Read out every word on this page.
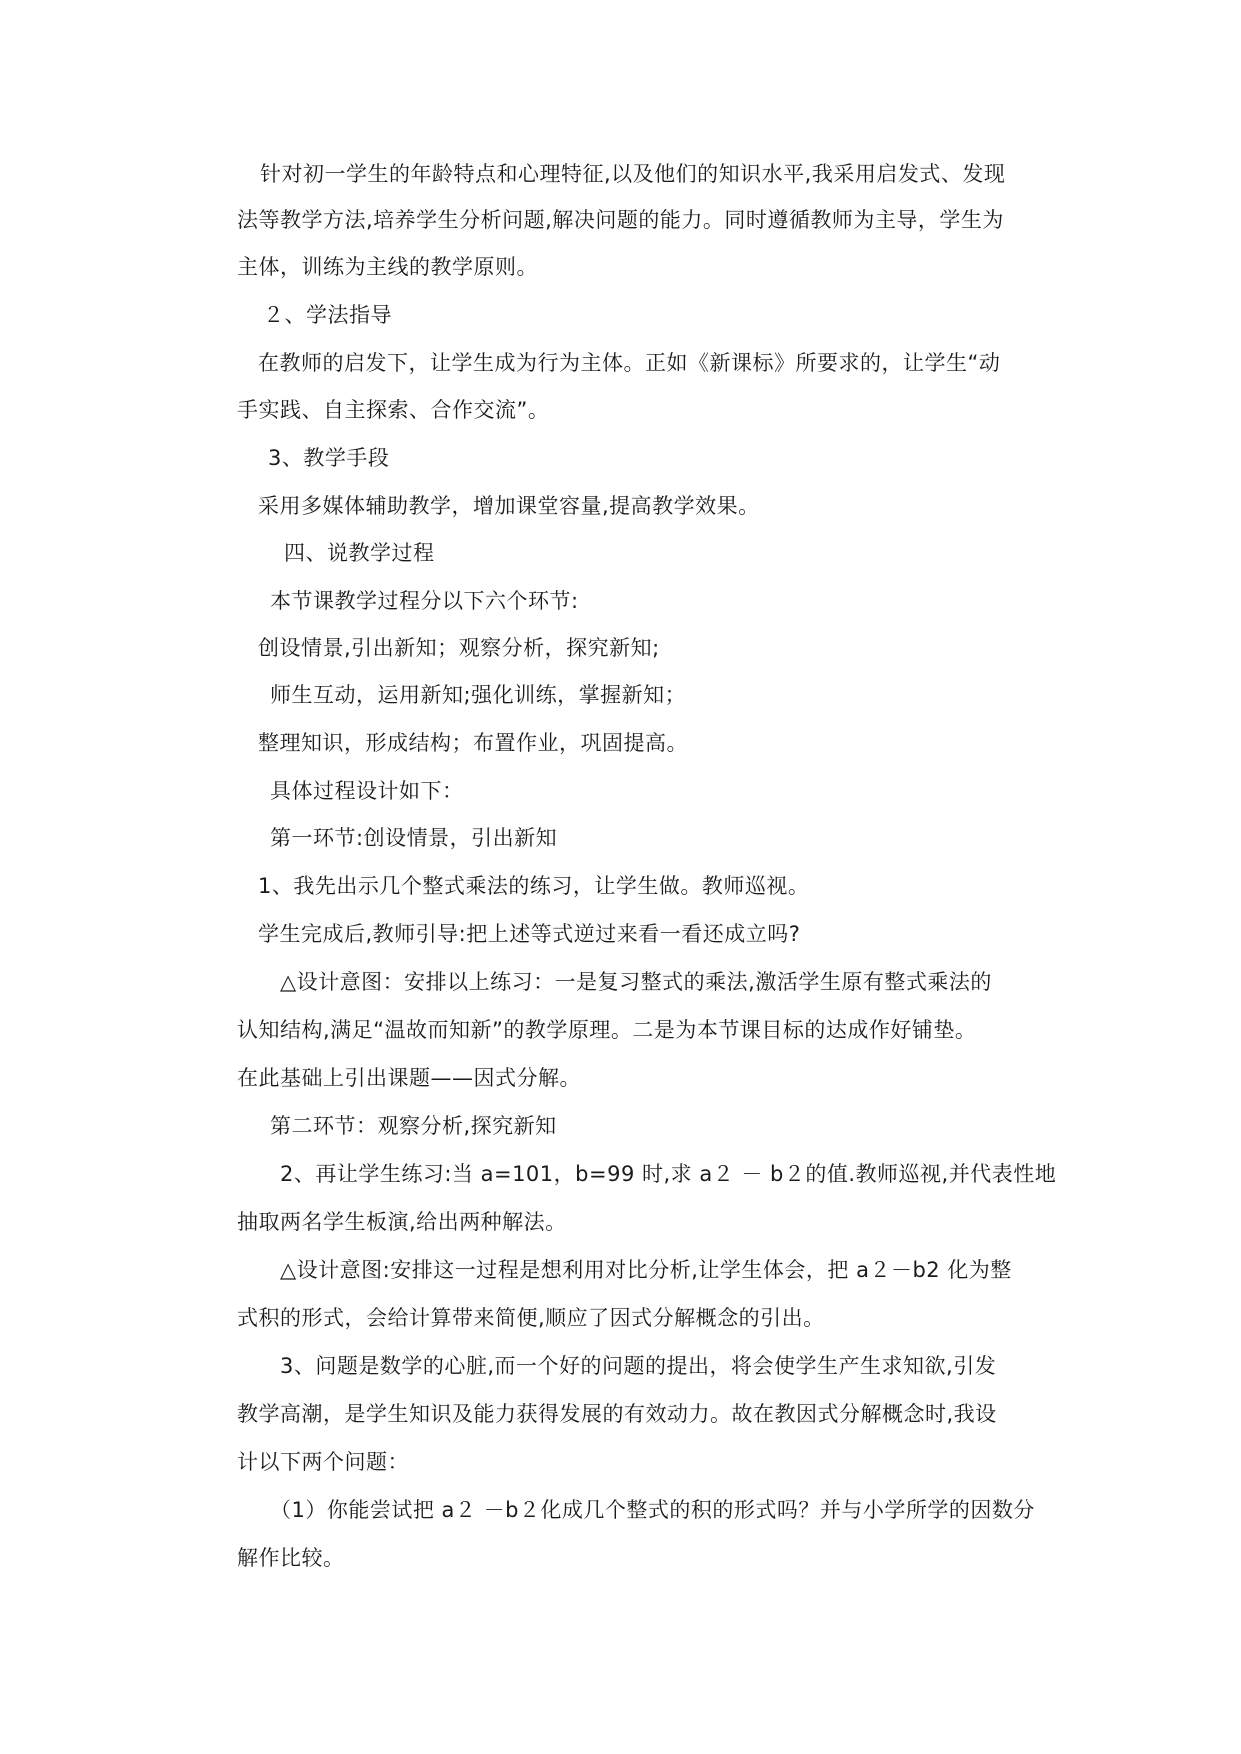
针对初一学生的年龄特点和心理特征,以及他们的知识水平,我采用启发式、发现
法等教学方法,培养学生分析问题,解决问题的能力。同时遵循教师为主导，学生为
主体，训练为主线的教学原则。
２、学法指导
在教师的启发下，让学生成为行为主体。正如《新课标》所要求的，让学生“动
手实践、自主探索、合作交流”。
3、教学手段
采用多媒体辅助教学，增加课堂容量,提高教学效果。
四、说教学过程
本节课教学过程分以下六个环节:
创设情景,引出新知；观察分析，探究新知;
师生互动，运用新知;强化训练，掌握新知；
整理知识，形成结构；布置作业，巩固提高。
具体过程设计如下：
第一环节:创设情景，引出新知
1、我先出示几个整式乘法的练习，让学生做。教师巡视。
学生完成后,教师引导:把上述等式逆过来看一看还成立吗?
△设计意图：安排以上练习：一是复习整式的乘法,激活学生原有整式乘法的
认知结构,满足“温故而知新”的教学原理。二是为本节课目标的达成作好铺垫。
在此基础上引出课题——因式分解。
第二环节：观察分析,探究新知
2、再让学生练习:当 a=101，b=99 时,求 a２ － b２的值.教师巡视,并代表性地
抽取两名学生板演,给出两种解法。
△设计意图:安排这一过程是想利用对比分析,让学生体会，把 a２－b2 化为整
式积的形式，会给计算带来简便,顺应了因式分解概念的引出。
3、问题是数学的心脏,而一个好的问题的提出，将会使学生产生求知欲,引发
教学高潮，是学生知识及能力获得发展的有效动力。故在教因式分解概念时,我设
计以下两个问题：
（1）你能尝试把 a２ －b２化成几个整式的积的形式吗？并与小学所学的因数分
解作比较。
